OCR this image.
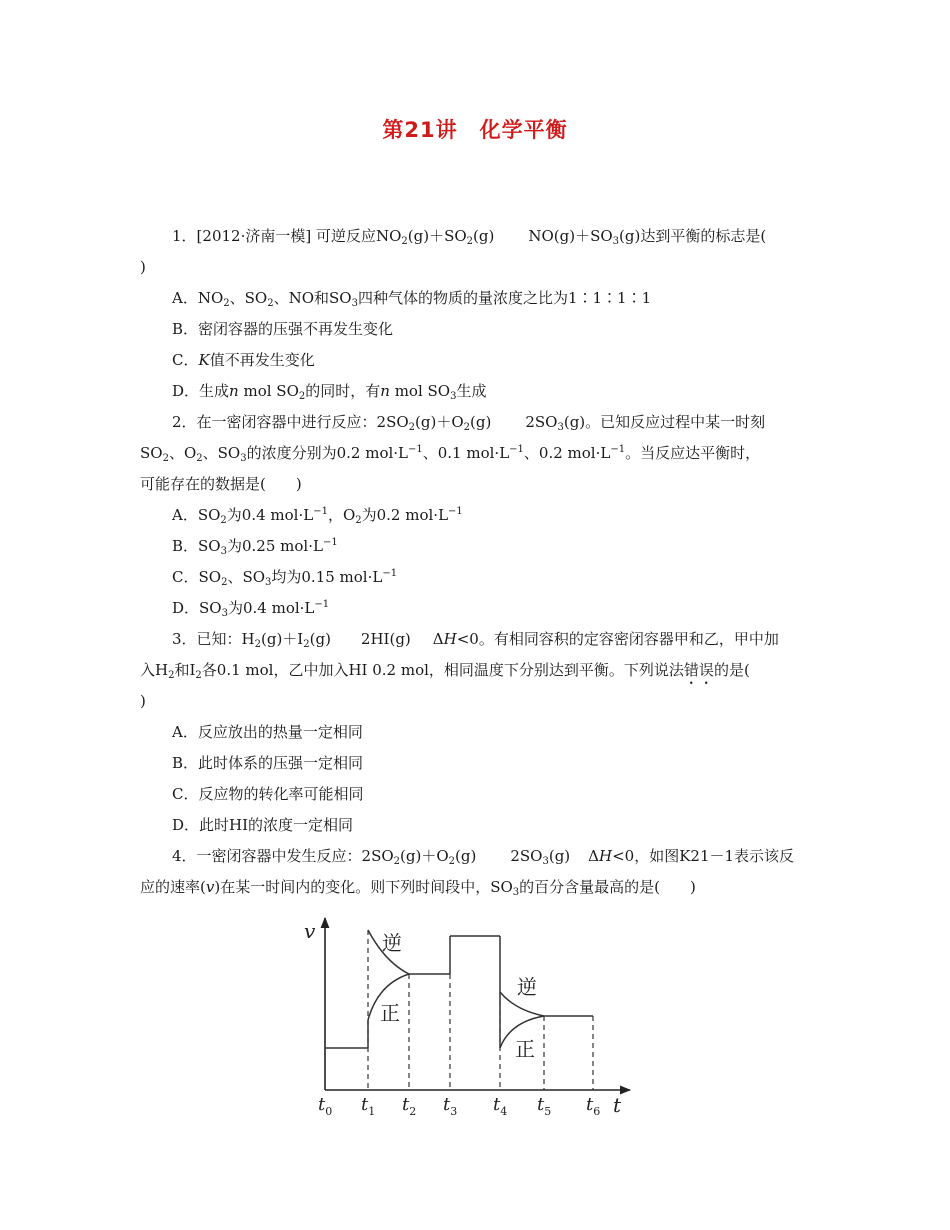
第21讲　化学平衡
1．[2012·济南一模] 可逆反应$NO_2(g)+SO_2(g)$ $NO(g)+SO_3(g)$达到平衡的标志是(
)
A．$NO_2$、$SO_2$、NO和$SO_3$四种气体的物质的量浓度之比为1∶1∶1∶1
B．密闭容器的压强不再发生变化
C．K值不再发生变化
D．生成n mol $SO_2$的同时，有n mol $SO_3$生成
2．在一密闭容器中进行反应：$2SO_2(g)+O_2(g)$ $2SO_3(g)$。已知反应过程中某一时刻
$SO_2$、$O_2$、$SO_3$的浓度分别为0.2 $mol\cdot L^{-1}$、0.1 $mol\cdot L^{-1}$、0.2 $mol\cdot L^{-1}$。当反应达平衡时，
可能存在的数据是(　　)
A．$SO_2$为0.4 $mol\cdot L^{-1}$，$O_2$为0.2 $mol\cdot L^{-1}$
B．$SO_3$为0.25 $mol\cdot L^{-1}$
C．$SO_2$、$SO_3$均为0.15 $mol\cdot L^{-1}$
D．$SO_3$为0.4 $mol\cdot L^{-1}$
3．已知：$H_2(g)+I_2(g)$ 2HI(g) ΔH<0。有相同容积的定容密闭容器甲和乙，甲中加
入$H_2$和$I_2$各0.1 mol，乙中加入HI 0.2 mol，相同温度下分别达到平衡。下列说法错误的是(
)
A．反应放出的热量一定相同
B．此时体系的压强一定相同
C．反应物的转化率可能相同
D．此时HI的浓度一定相同
4．一密闭容器中发生反应：$2SO_2(g)+O_2(g)$ $2SO_3(g)$ ΔH<0，如图K21－1表示该反
应的速率(v)在某一时间内的变化。则下列时间段中，$SO_3$的百分含量最高的是(　　)
v
t
逆
正
逆
正
$t_0$ $t_1$ $t_2$ $t_3$ $t_4$ $t_5$ $t_6$
